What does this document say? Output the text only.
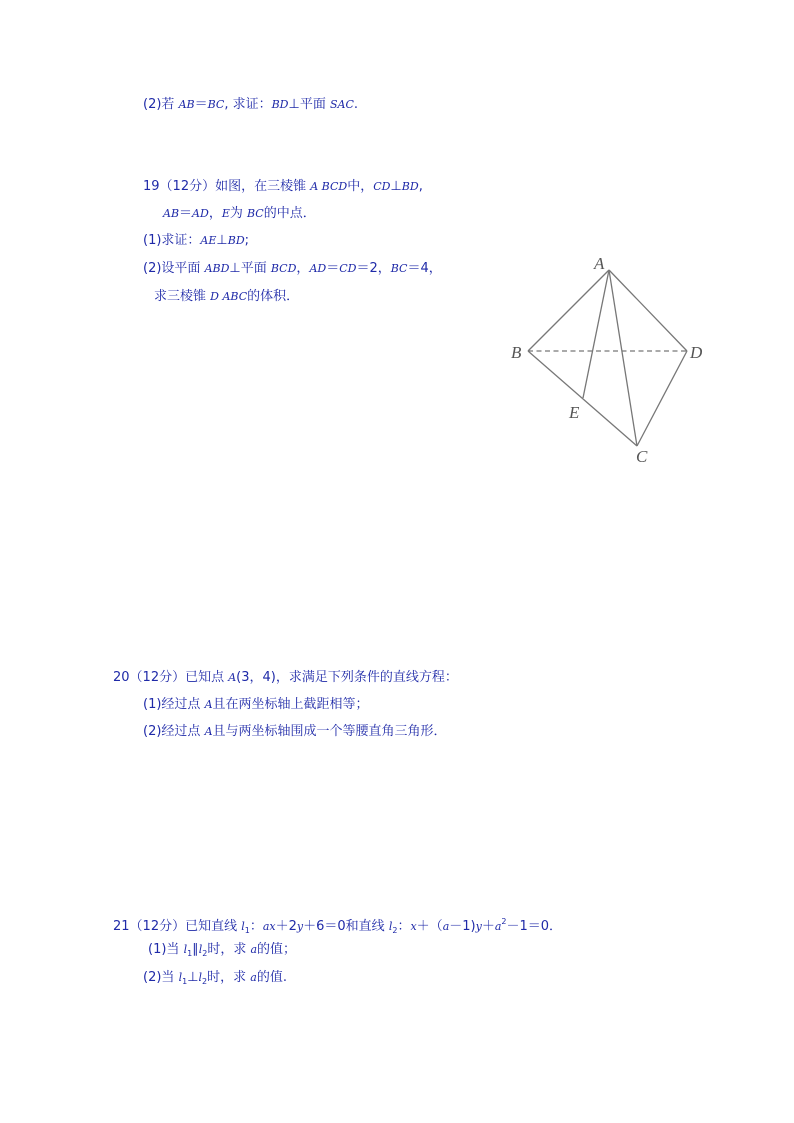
(2)若 AB＝BC, 求证：BD⊥平面 SAC.
19（12分）如图，在三棱锥 A BCD中，CD⊥BD,
AB＝AD，E为 BC的中点．
(1)求证：AE⊥BD;
(2)设平面 ABD⊥平面 BCD，AD＝CD＝2，BC＝4，
求三棱锥 D ABC的体积．
A
B	D
E
C
20（12分）已知点 A(3，4)，求满足下列条件的直线方程：
(1)经过点 A且在两坐标轴上截距相等；
(2)经过点 A且与两坐标轴围成一个等腰直角三角形．
21（12分）已知直线 $l_1$：ax＋2y＋6＝0和直线 $l_2$：$x+(a-1)y+a^2-1=0$．
(1)当 $l_1\parallel l_2$时，求 a的值；
(2)当 $l_1\perp l_2$时，求 a的值.
